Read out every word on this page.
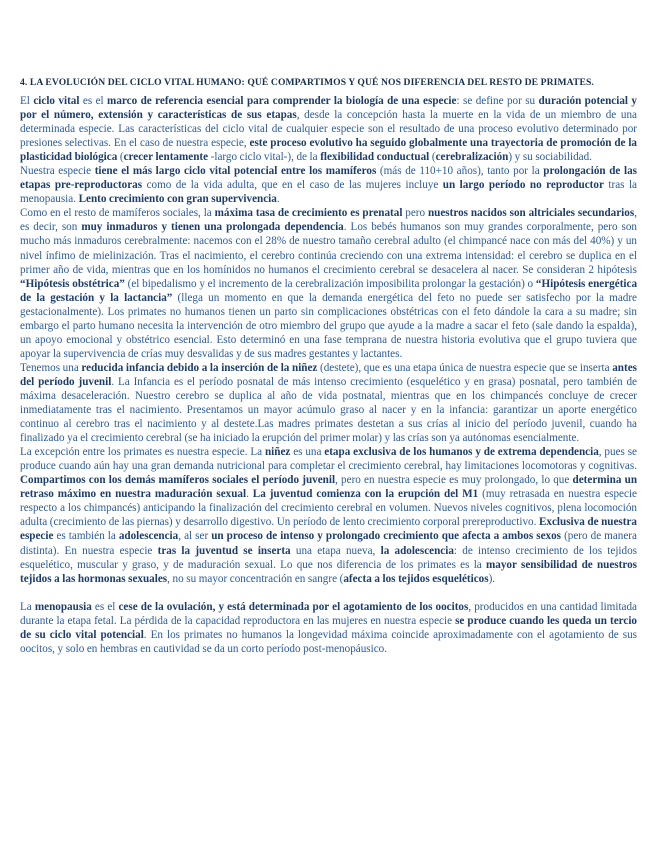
4. LA EVOLUCIÓN DEL CICLO VITAL HUMANO: QUÉ COMPARTIMOS Y QUÉ NOS DIFERENCIA DEL RESTO DE PRIMATES.

El ciclo vital es el marco de referencia esencial para comprender la biología de una especie: se define por su duración potencial y por el número, extensión y características de sus etapas, desde la concepción hasta la muerte en la vida de un miembro de una determinada especie. Las características del ciclo vital de cualquier especie son el resultado de una proceso evolutivo determinado por presiones selectivas. En el caso de nuestra especie, este proceso evolutivo ha seguido globalmente una trayectoria de promoción de la plasticidad biológica (crecer lentamente -largo ciclo vital-), de la flexibilidad conductual (cerebralización) y su sociabilidad.

Nuestra especie tiene el más largo ciclo vital potencial entre los mamíferos (más de 110+10 años), tanto por la prolongación de las etapas pre-reproductoras como de la vida adulta, que en el caso de las mujeres incluye un largo período no reproductor tras la menopausia. Lento crecimiento con gran supervivencia.

Como en el resto de mamíferos sociales, la máxima tasa de crecimiento es prenatal pero nuestros nacidos son altriciales secundarios, es decir, son muy inmaduros y tienen una prolongada dependencia. Los bebés humanos son muy grandes corporalmente, pero son mucho más inmaduros cerebralmente: nacemos con el 28% de nuestro tamaño cerebral adulto (el chimpancé nace con más del 40%) y un nivel ínfimo de mielinización. Tras el nacimiento, el cerebro continúa creciendo con una extrema intensidad: el cerebro se duplica en el primer año de vida, mientras que en los homínidos no humanos el crecimiento cerebral se desacelera al nacer. Se consideran 2 hipótesis “Hipótesis obstétrica” (el bipedalismo y el incremento de la cerebralización imposibilita prolongar la gestación) o “Hipótesis energética de la gestación y la lactancia” (llega un momento en que la demanda energética del feto no puede ser satisfecho por la madre gestacionalmente). Los primates no humanos tienen un parto sin complicaciones obstétricas con el feto dándole la cara a su madre; sin embargo el parto humano necesita la intervención de otro miembro del grupo que ayude a la madre a sacar el feto (sale dando la espalda), un apoyo emocional y obstétrico esencial. Esto determinó en una fase temprana de nuestra historia evolutiva que el grupo tuviera que apoyar la supervivencia de crías muy desvalidas y de sus madres gestantes y lactantes.

Tenemos una reducida infancia debido a la inserción de la niñez (destete), que es una etapa única de nuestra especie que se inserta antes del período juvenil. La Infancia es el período posnatal de más intenso crecimiento (esquelético y en grasa) posnatal, pero también de máxima desaceleración. Nuestro cerebro se duplica al año de vida postnatal, mientras que en los chimpancés concluye de crecer inmediatamente tras el nacimiento. Presentamos un mayor acúmulo graso al nacer y en la infancia: garantizar un aporte energético continuo al cerebro tras el nacimiento y al destete.Las madres primates destetan a sus crías al inicio del período juvenil, cuando ha finalizado ya el crecimiento cerebral (se ha iniciado la erupción del primer molar) y las crías son ya autónomas esencialmente.

La excepción entre los primates es nuestra especie. La niñez es una etapa exclusiva de los humanos y de extrema dependencia, pues se produce cuando aún hay una gran demanda nutricional para completar el crecimiento cerebral, hay limitaciones locomotoras y cognitivas. Compartimos con los demás mamíferos sociales el período juvenil, pero en nuestra especie es muy prolongado, lo que determina un retraso máximo en nuestra maduración sexual. La juventud comienza con la erupción del M1 (muy retrasada en nuestra especie respecto a los chimpancés) anticipando la finalización del crecimiento cerebral en volumen. Nuevos niveles cognitivos, plena locomoción adulta (crecimiento de las piernas) y desarrollo digestivo. Un período de lento crecimiento corporal prereproductivo. Exclusiva de nuestra especie es también la adolescencia, al ser un proceso de intenso y prolongado crecimiento que afecta a ambos sexos (pero de manera distinta). En nuestra especie tras la juventud se inserta una etapa nueva, la adolescencia: de intenso crecimiento de los tejidos esquelético, muscular y graso, y de maduración sexual. Lo que nos diferencia de los primates es la mayor sensibilidad de nuestros tejidos a las hormonas sexuales, no su mayor concentración en sangre (afecta a los tejidos esqueléticos).

La menopausia es el cese de la ovulación, y está determinada por el agotamiento de los oocitos, producidos en una cantidad limitada durante la etapa fetal. La pérdida de la capacidad reproductora en las mujeres en nuestra especie se produce cuando les queda un tercio de su ciclo vital potencial. En los primates no humanos la longevidad máxima coincide aproximadamente con el agotamiento de sus oocitos, y solo en hembras en cautividad se da un corto período post-menopáusico.
